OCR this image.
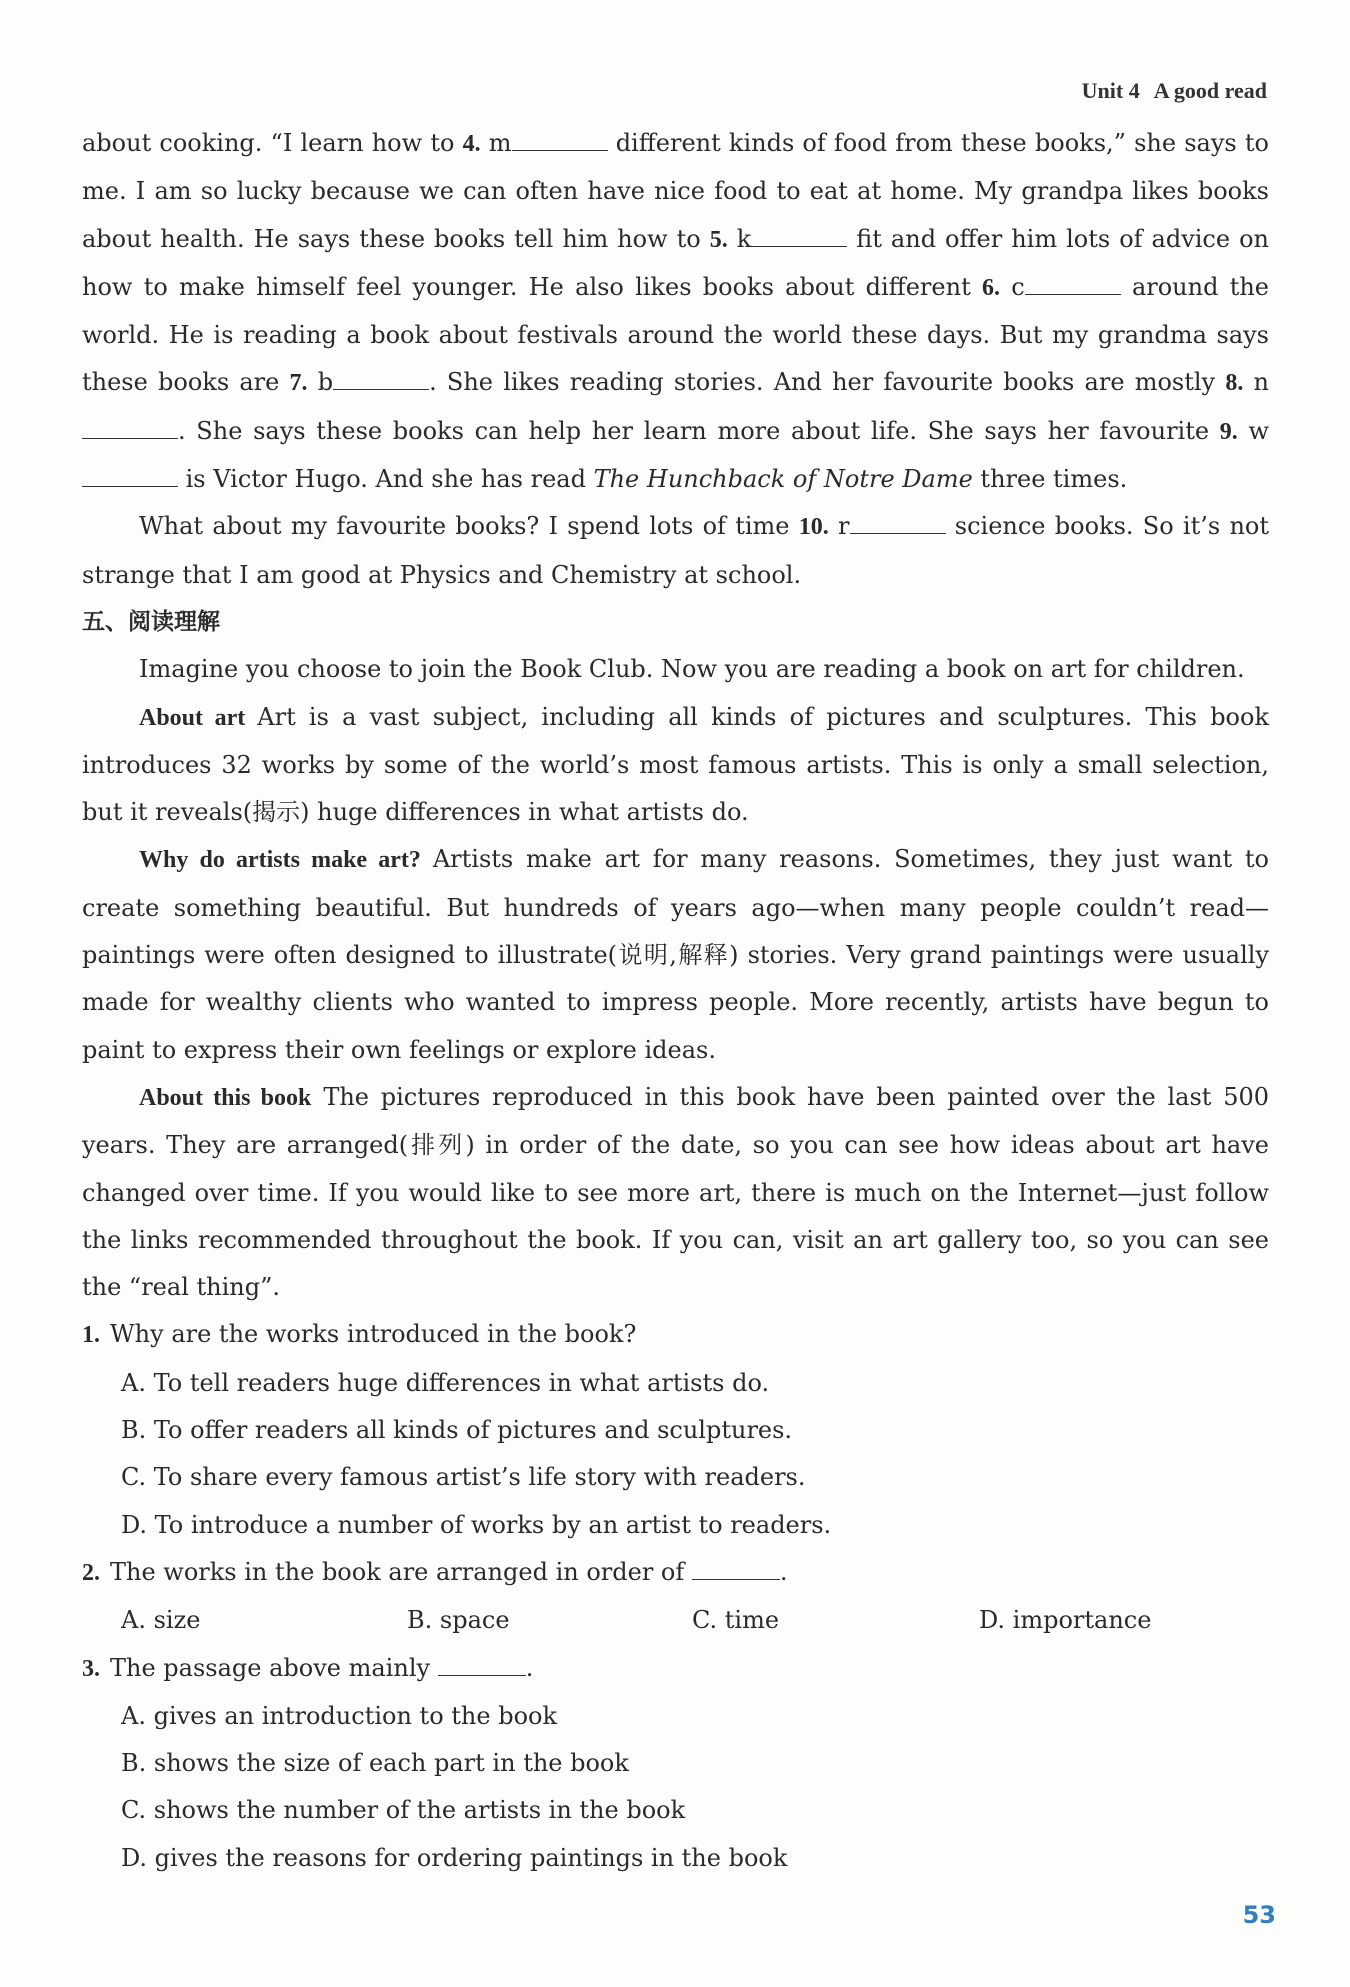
Unit 4 A good read

about cooking. “I learn how to 4. m	different kinds of food from these books,” she says to me. I am so lucky because we can often have nice food to eat at home. My grandpa likes books about health. He says these books tell him how to 5. k	fit and offer him lots of advice on how to make himself feel younger. He also likes books about different 6. c	around the world. He is reading a book about festivals around the world these days. But my grandma says these books are 7. b	. She likes reading stories. And her favourite books are mostly 8. n. She says these books can help her learn more about life. She says her favourite 9. w is Victor Hugo. And she has read The Hunchback of Notre Dame three times.

What about my favourite books? I spend lots of time 10. r	science books. So it’s not strange that I am good at Physics and Chemistry at school.

五、阅读理解

Imagine you choose to join the Book Club. Now you are reading a book on art for children.

About art Art is a vast subject, including all kinds of pictures and sculptures. This book introduces 32 works by some of the world’s most famous artists. This is only a small selection, but it reveals(揭示) huge differences in what artists do.

Why do artists make art? Artists make art for many reasons. Sometimes, they just want to create something beautiful. But hundreds of years ago—when many people couldn’t read—paintings were often designed to illustrate(说明,解释) stories. Very grand paintings were usually made for wealthy clients who wanted to impress people. More recently, artists have begun to paint to express their own feelings or explore ideas.

About this book The pictures reproduced in this book have been painted over the last 500 years. They are arranged(排列) in order of the date, so you can see how ideas about art have changed over time. If you would like to see more art, there is much on the Internet—just follow the links recommended throughout the book. If you can, visit an art gallery too, so you can see the “real thing”.

1. Why are the works introduced in the book?
A. To tell readers huge differences in what artists do.
B. To offer readers all kinds of pictures and sculptures.
C. To share every famous artist’s life story with readers.
D. To introduce a number of works by an artist to readers.
2. The works in the book are arranged in order of	.
A. size	B. space	C. time	D. importance
3. The passage above mainly	.
A. gives an introduction to the book
B. shows the size of each part in the book
C. shows the number of the artists in the book
D. gives the reasons for ordering paintings in the book
53
